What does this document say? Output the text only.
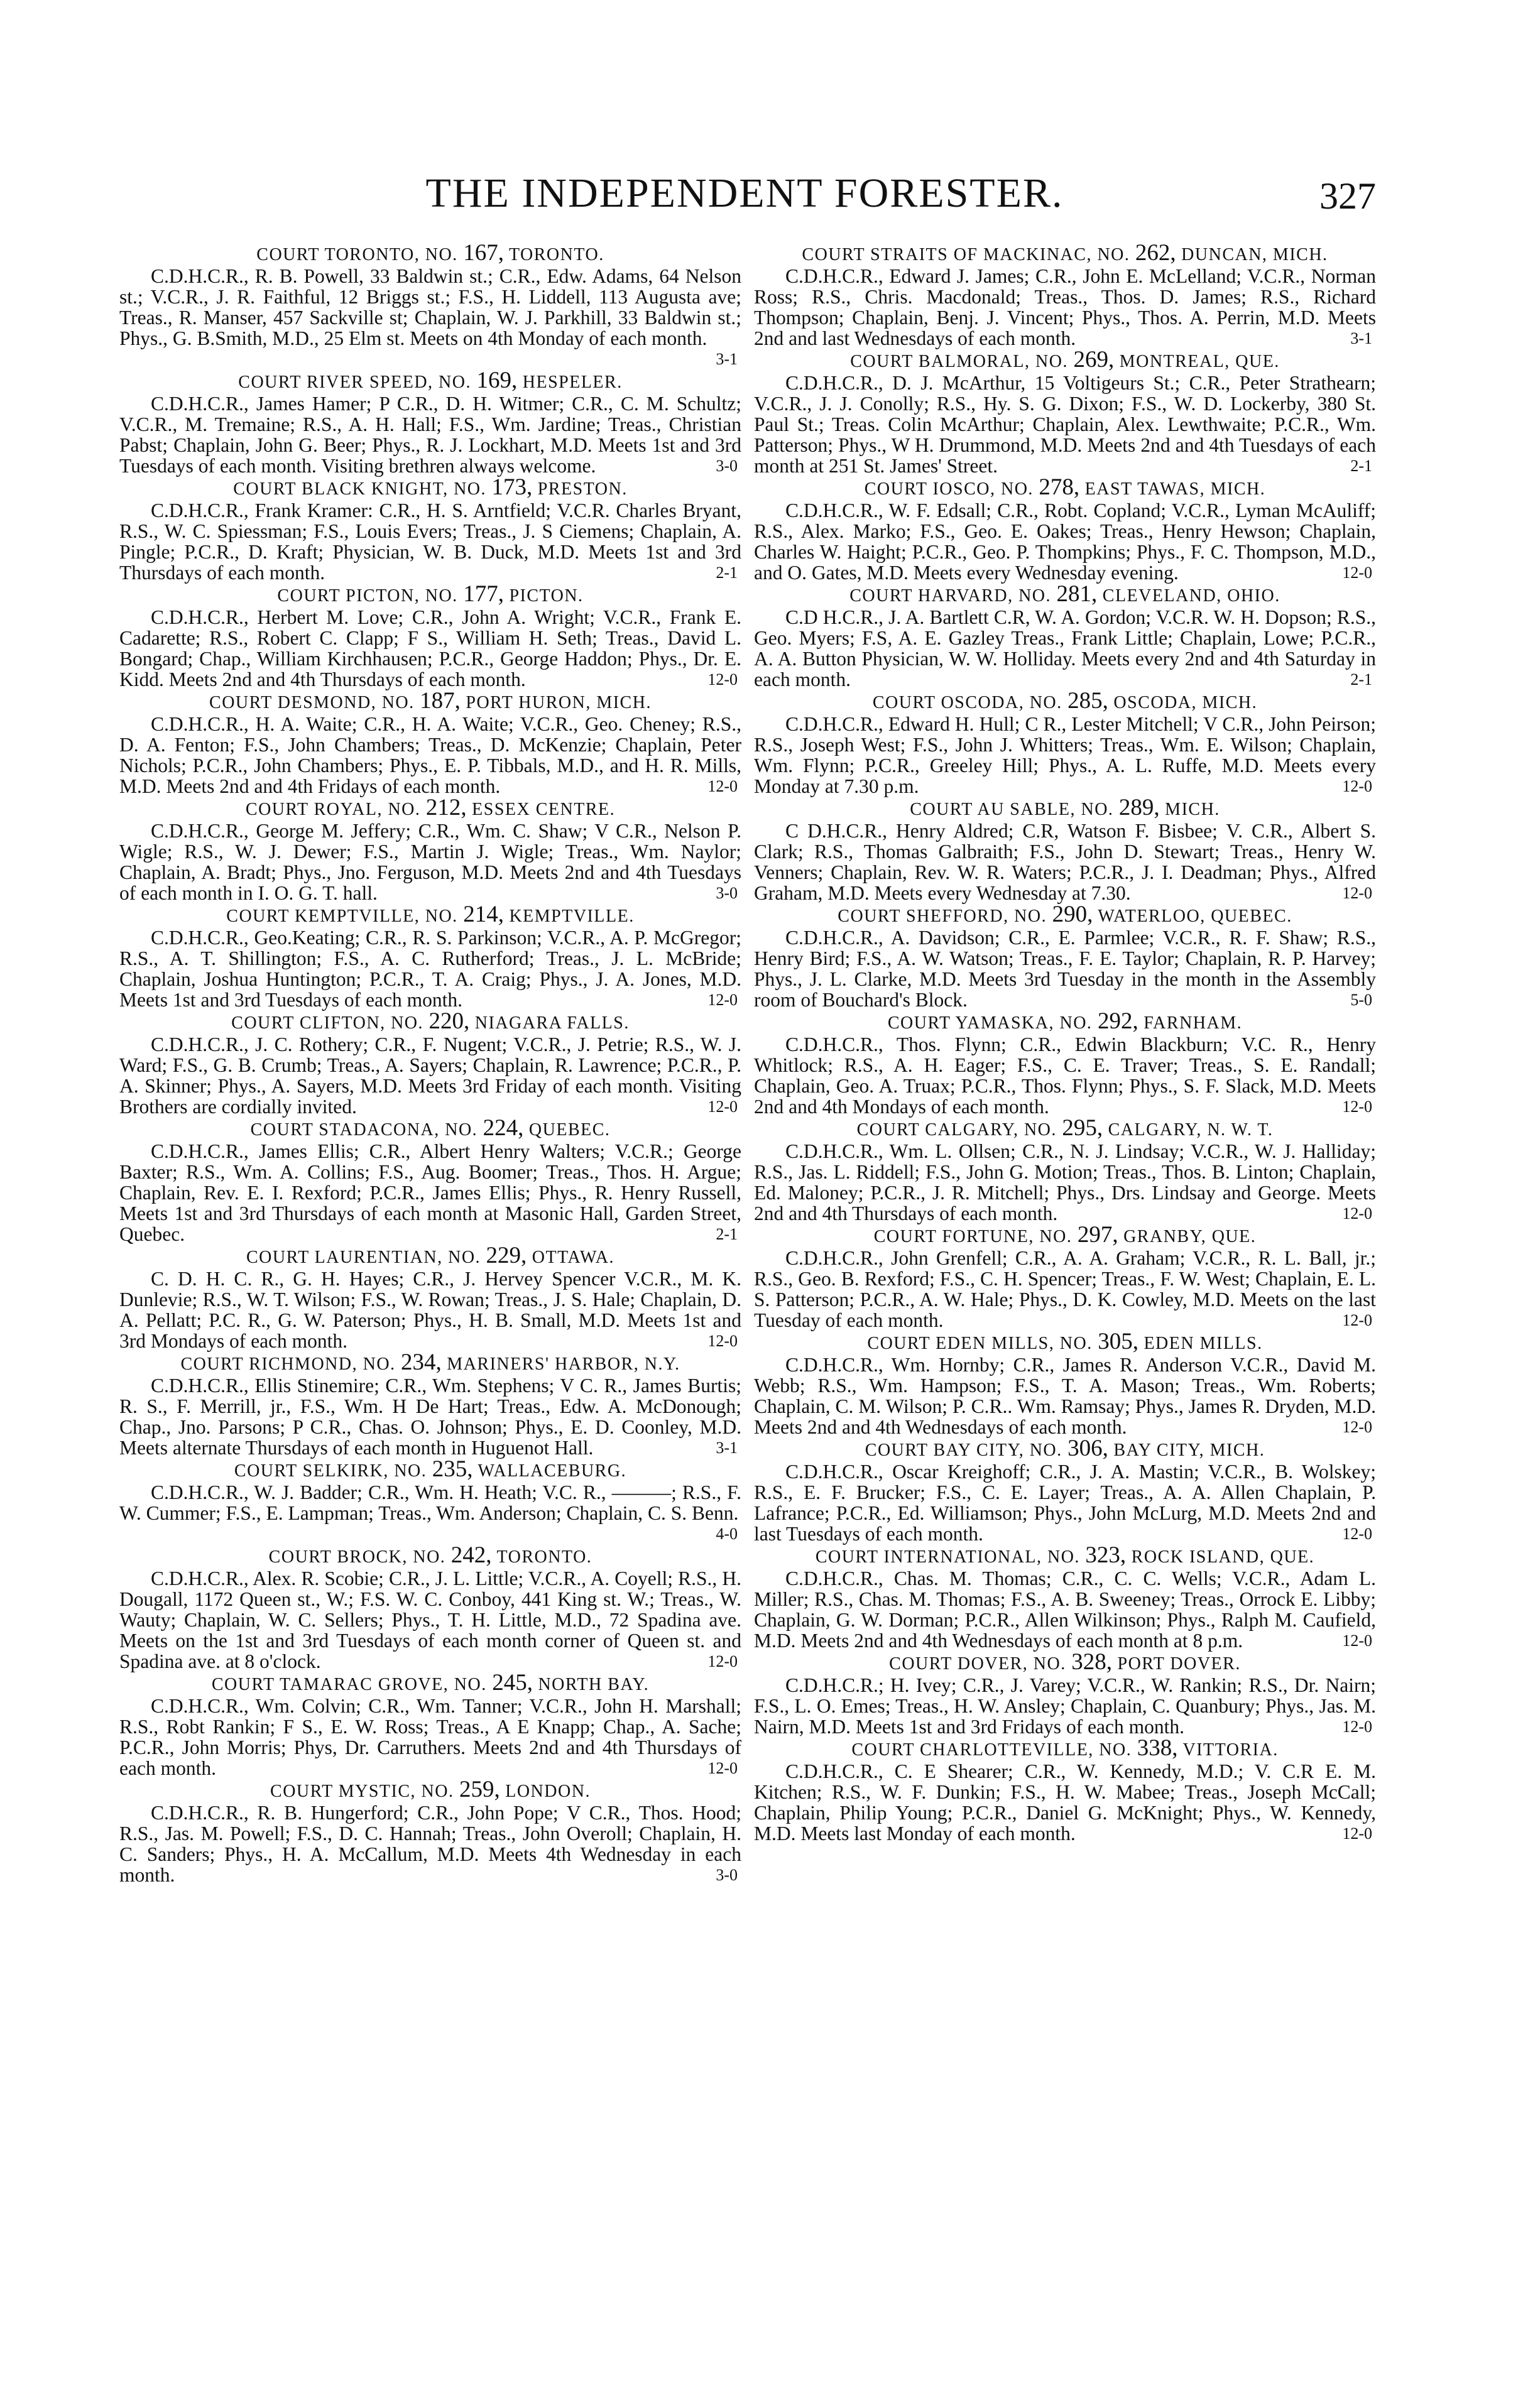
THE INDEPENDENT FORESTER.	327

COURT TORONTO, NO. 167, TORONTO.

C.D.H.C.R., R. B. Powell, 33 Baldwin st.; C.R., Edw. Adams, 64 Nelson st.; V.C.R., J. R. Faithful, 12 Briggs st.; F.S., H. Liddell, 113 Augusta ave; Treas., R. Manser, 457 Sackville st; Chaplain, W. J. Parkhill, 33 Baldwin st.; Phys., G. B.Smith, M.D., 25 Elm st. Meets on 4th Monday of each month.
3-1

COURT RIVER SPEED, NO. 169, HESPELER.

C.D.H.C.R., James Hamer; P C.R., D. H. Witmer; C.R., C. M. Schultz; V.C.R., M. Tremaine; R.S., A. H. Hall; F.S., Wm. Jardine; Treas., Christian Pabst; Chaplain, John G. Beer; Phys., R. J. Lockhart, M.D. Meets 1st and 3rd Tuesdays of each month. Visiting brethren always welcome.	3-0

COURT BLACK KNIGHT, NO. 173, PRESTON.

C.D.H.C.R., Frank Kramer: C.R., H. S. Arntfield; V.C.R. Charles Bryant, R.S., W. C. Spiessman; F.S., Louis Evers; Treas., J. S Ciemens; Chaplain, A. Pingle; P.C.R., D. Kraft; Physician, W. B. Duck, M.D. Meets 1st and 3rd Thursdays of each month.	2-1

COURT PICTON, NO. 177, PICTON.

C.D.H.C.R., Herbert M. Love; C.R., John A. Wright; V.C.R., Frank E. Cadarette; R.S., Robert C. Clapp; F S., William H. Seth; Treas., David L. Bongard; Chap., William Kirchhausen; P.C.R., George Haddon; Phys., Dr. E. Kidd. Meets 2nd and 4th Thursdays of each month.	12-0

COURT DESMOND, NO. 187, PORT HURON, MICH.

C.D.H.C.R., H. A. Waite; C.R., H. A. Waite; V.C.R., Geo. Cheney; R.S., D. A. Fenton; F.S., John Chambers; Treas., D. McKenzie; Chaplain, Peter Nichols; P.C.R., John Chambers; Phys., E. P. Tibbals, M.D., and H. R. Mills, M.D. Meets 2nd and 4th Fridays of each month.	12-0

COURT ROYAL, NO. 212, ESSEX CENTRE.

C.D.H.C.R., George M. Jeffery; C.R., Wm. C. Shaw; V C.R., Nelson P. Wigle; R.S., W. J. Dewer; F.S., Martin J. Wigle; Treas., Wm. Naylor; Chaplain, A. Bradt; Phys., Jno. Ferguson, M.D. Meets 2nd and 4th Tuesdays of each month in I. O. G. T. hall.	3-0

COURT KEMPTVILLE, NO. 214, KEMPTVILLE.

C.D.H.C.R., Geo.Keating; C.R., R. S. Parkinson; V.C.R., A. P. McGregor; R.S., A. T. Shillington; F.S., A. C. Rutherford; Treas., J. L. McBride; Chaplain, Joshua Huntington; P.C.R., T. A. Craig; Phys., J. A. Jones, M.D. Meets 1st and 3rd Tuesdays of each month.	12-0

COURT CLIFTON, NO. 220, NIAGARA FALLS.

C.D.H.C.R., J. C. Rothery; C.R., F. Nugent; V.C.R., J. Petrie; R.S., W. J. Ward; F.S., G. B. Crumb; Treas., A. Sayers; Chaplain, R. Lawrence; P.C.R., P. A. Skinner; Phys., A. Sayers, M.D. Meets 3rd Friday of each month. Visiting Brothers are cordially invited.	12-0

COURT STADACONA, NO. 224, QUEBEC.

C.D.H.C.R., James Ellis; C.R., Albert Henry Walters; V.C.R.; George Baxter; R.S., Wm. A. Collins; F.S., Aug. Boomer; Treas., Thos. H. Argue; Chaplain, Rev. E. I. Rexford; P.C.R., James Ellis; Phys., R. Henry Russell, Meets 1st and 3rd Thursdays of each month at Masonic Hall, Garden Street, Quebec.	2-1

COURT LAURENTIAN, NO. 229, OTTAWA.

C. D. H. C. R., G. H. Hayes; C.R., J. Hervey Spencer V.C.R., M. K. Dunlevie; R.S., W. T. Wilson; F.S., W. Rowan; Treas., J. S. Hale; Chaplain, D. A. Pellatt; P.C. R., G. W. Paterson; Phys., H. B. Small, M.D. Meets 1st and 3rd Mondays of each month.	12-0

COURT RICHMOND, NO. 234, MARINERS' HARBOR, N.Y.

C.D.H.C.R., Ellis Stinemire; C.R., Wm. Stephens; V C. R., James Burtis; R. S., F. Merrill, jr., F.S., Wm. H De Hart; Treas., Edw. A. McDonough; Chap., Jno. Parsons; P C.R., Chas. O. Johnson; Phys., E. D. Coonley, M.D. Meets alternate Thursdays of each month in Huguenot Hall.	3-1

COURT SELKIRK, NO. 235, WALLACEBURG.

C.D.H.C.R., W. J. Badder; C.R., Wm. H. Heath; V.C. R., ———; R.S., F. W. Cummer; F.S., E. Lampman; Treas., Wm. Anderson; Chaplain, C. S. Benn.
4-0

COURT BROCK, NO. 242, TORONTO.

C.D.H.C.R., Alex. R. Scobie; C.R., J. L. Little; V.C.R., A. Coyell; R.S., H. Dougall, 1172 Queen st., W.; F.S. W. C. Conboy, 441 King st. W.; Treas., W. Wauty; Chaplain, W. C. Sellers; Phys., T. H. Little, M.D., 72 Spadina ave. Meets on the 1st and 3rd Tuesdays of each month corner of Queen st. and Spadina ave. at 8 o'clock.	12-0

COURT TAMARAC GROVE, NO. 245, NORTH BAY.

C.D.H.C.R., Wm. Colvin; C.R., Wm. Tanner; V.C.R., John H. Marshall; R.S., Robt Rankin; F S., E. W. Ross; Treas., A E Knapp; Chap., A. Sache; P.C.R., John Morris; Phys, Dr. Carruthers. Meets 2nd and 4th Thursdays of each month.	12-0

COURT MYSTIC, NO. 259, LONDON.

C.D.H.C.R., R. B. Hungerford; C.R., John Pope; V C.R., Thos. Hood; R.S., Jas. M. Powell; F.S., D. C. Hannah; Treas., John Overoll; Chaplain, H. C. Sanders; Phys., H. A. McCallum, M.D. Meets 4th Wednesday in each month.	3-0

COURT STRAITS OF MACKINAC, NO. 262, DUNCAN, MICH.

C.D.H.C.R., Edward J. James; C.R., John E. McLelland; V.C.R., Norman Ross; R.S., Chris. Macdonald; Treas., Thos. D. James; R.S., Richard Thompson; Chaplain, Benj. J. Vincent; Phys., Thos. A. Perrin, M.D. Meets 2nd and last Wednesdays of each month.	3-1

COURT BALMORAL, NO. 269, MONTREAL, QUE.

C.D.H.C.R., D. J. McArthur, 15 Voltigeurs St.; C.R., Peter Strathearn; V.C.R., J. J. Conolly; R.S., Hy. S. G. Dixon; F.S., W. D. Lockerby, 380 St. Paul St.; Treas. Colin McArthur; Chaplain, Alex. Lewthwaite; P.C.R., Wm. Patterson; Phys., W H. Drummond, M.D. Meets 2nd and 4th Tuesdays of each month at 251 St. James' Street.	2-1

COURT IOSCO, NO. 278, EAST TAWAS, MICH.

C.D.H.C.R., W. F. Edsall; C.R., Robt. Copland; V.C.R., Lyman McAuliff; R.S., Alex. Marko; F.S., Geo. E. Oakes; Treas., Henry Hewson; Chaplain, Charles W. Haight; P.C.R., Geo. P. Thompkins; Phys., F. C. Thompson, M.D., and O. Gates, M.D. Meets every Wednesday evening.	12-0

COURT HARVARD, NO. 281, CLEVELAND, OHIO.

C.D H.C.R., J. A. Bartlett C.R, W. A. Gordon; V.C.R. W. H. Dopson; R.S., Geo. Myers; F.S, A. E. Gazley Treas., Frank Little; Chaplain, Lowe; P.C.R., A. A. Button Physician, W. W. Holliday. Meets every 2nd and 4th Saturday in each month.	2-1

COURT OSCODA, NO. 285, OSCODA, MICH.

C.D.H.C.R., Edward H. Hull; C R., Lester Mitchell; V C.R., John Peirson; R.S., Joseph West; F.S., John J. Whitters; Treas., Wm. E. Wilson; Chaplain, Wm. Flynn; P.C.R., Greeley Hill; Phys., A. L. Ruffe, M.D. Meets every Monday at 7.30 p.m.	12-0

COURT AU SABLE, NO. 289, MICH.

C D.H.C.R., Henry Aldred; C.R, Watson F. Bisbee; V. C.R., Albert S. Clark; R.S., Thomas Galbraith; F.S., John D. Stewart; Treas., Henry W. Venners; Chaplain, Rev. W. R. Waters; P.C.R., J. I. Deadman; Phys., Alfred Graham, M.D. Meets every Wednesday at 7.30.	12-0

COURT SHEFFORD, NO. 290, WATERLOO, QUEBEC.

C.D.H.C.R., A. Davidson; C.R., E. Parmlee; V.C.R., R. F. Shaw; R.S., Henry Bird; F.S., A. W. Watson; Treas., F. E. Taylor; Chaplain, R. P. Harvey; Phys., J. L. Clarke, M.D. Meets 3rd Tuesday in the month in the Assembly room of Bouchard's Block.	5-0

COURT YAMASKA, NO. 292, FARNHAM.

C.D.H.C.R., Thos. Flynn; C.R., Edwin Blackburn; V.C. R., Henry Whitlock; R.S., A. H. Eager; F.S., C. E. Traver; Treas., S. E. Randall; Chaplain, Geo. A. Truax; P.C.R., Thos. Flynn; Phys., S. F. Slack, M.D. Meets 2nd and 4th Mondays of each month.	12-0

COURT CALGARY, NO. 295, CALGARY, N. W. T.

C.D.H.C.R., Wm. L. Ollsen; C.R., N. J. Lindsay; V.C.R., W. J. Halliday; R.S., Jas. L. Riddell; F.S., John G. Motion; Treas., Thos. B. Linton; Chaplain, Ed. Maloney; P.C.R., J. R. Mitchell; Phys., Drs. Lindsay and George. Meets 2nd and 4th Thursdays of each month.	12-0

COURT FORTUNE, NO. 297, GRANBY, QUE.

C.D.H.C.R., John Grenfell; C.R., A. A. Graham; V.C.R., R. L. Ball, jr.; R.S., Geo. B. Rexford; F.S., C. H. Spencer; Treas., F. W. West; Chaplain, E. L. S. Patterson; P.C.R., A. W. Hale; Phys., D. K. Cowley, M.D. Meets on the last Tuesday of each month.	12-0

COURT EDEN MILLS, NO. 305, EDEN MILLS.

C.D.H.C.R., Wm. Hornby; C.R., James R. Anderson V.C.R., David M. Webb; R.S., Wm. Hampson; F.S., T. A. Mason; Treas., Wm. Roberts; Chaplain, C. M. Wilson; P. C.R.. Wm. Ramsay; Phys., James R. Dryden, M.D. Meets 2nd and 4th Wednesdays of each month.	12-0

COURT BAY CITY, NO. 306, BAY CITY, MICH.

C.D.H.C.R., Oscar Kreighoff; C.R., J. A. Mastin; V.C.R., B. Wolskey; R.S., E. F. Brucker; F.S., C. E. Layer; Treas., A. A. Allen Chaplain, P. Lafrance; P.C.R., Ed. Williamson; Phys., John McLurg, M.D. Meets 2nd and last Tuesdays of each month.	12-0

COURT INTERNATIONAL, NO. 323, ROCK ISLAND, QUE.

C.D.H.C.R., Chas. M. Thomas; C.R., C. C. Wells; V.C.R., Adam L. Miller; R.S., Chas. M. Thomas; F.S., A. B. Sweeney; Treas., Orrock E. Libby; Chaplain, G. W. Dorman; P.C.R., Allen Wilkinson; Phys., Ralph M. Caufield, M.D. Meets 2nd and 4th Wednesdays of each month at 8 p.m.	12-0

COURT DOVER, NO. 328, PORT DOVER.

C.D.H.C.R.; H. Ivey; C.R., J. Varey; V.C.R., W. Rankin; R.S., Dr. Nairn; F.S., L. O. Emes; Treas., H. W. Ansley; Chaplain, C. Quanbury; Phys., Jas. M. Nairn, M.D. Meets 1st and 3rd Fridays of each month.	12-0

COURT CHARLOTTEVILLE, NO. 338, VITTORIA.

C.D.H.C.R., C. E Shearer; C.R., W. Kennedy, M.D.; V. C.R E. M. Kitchen; R.S., W. F. Dunkin; F.S., H. W. Mabee; Treas., Joseph McCall; Chaplain, Philip Young; P.C.R., Daniel G. McKnight; Phys., W. Kennedy, M.D. Meets last Monday of each month.	12-0
